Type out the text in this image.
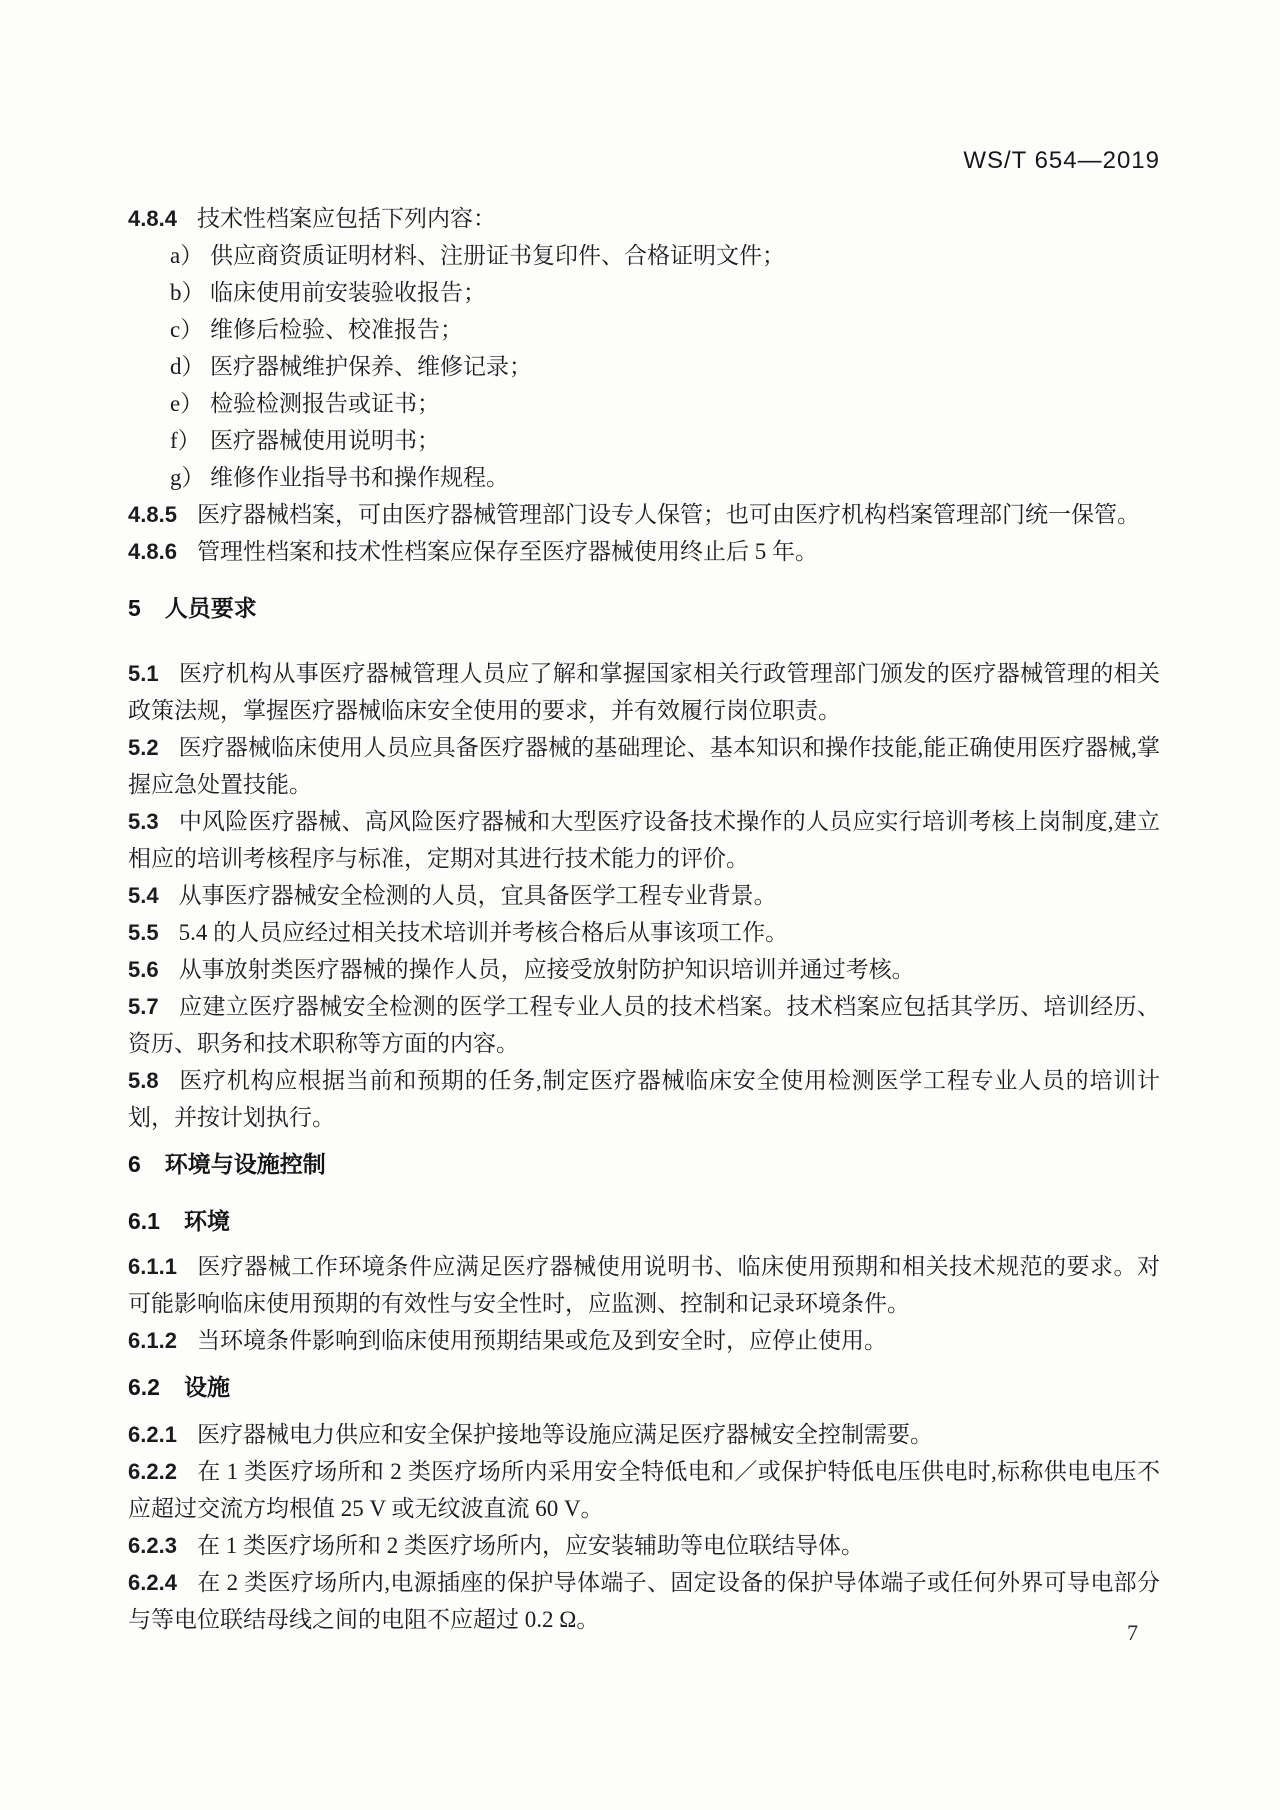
WS/T 654—2019

4.8.4 技术性档案应包括下列内容：

a） 供应商资质证明材料、注册证书复印件、合格证明文件；
b） 临床使用前安装验收报告；
c） 维修后检验、校准报告；
d） 医疗器械维护保养、维修记录；
e） 检验检测报告或证书；
f） 医疗器械使用说明书；
g） 维修作业指导书和操作规程。

4.8.5 医疗器械档案，可由医疗器械管理部门设专人保管；也可由医疗机构档案管理部门统一保管。

4.8.6 管理性档案和技术性档案应保存至医疗器械使用终止后 5 年。

5 人员要求

5.1 医疗机构从事医疗器械管理人员应了解和掌握国家相关行政管理部门颁发的医疗器械管理的相关政策法规，掌握医疗器械临床安全使用的要求，并有效履行岗位职责。

5.2 医疗器械临床使用人员应具备医疗器械的基础理论、基本知识和操作技能,能正确使用医疗器械,掌握应急处置技能。

5.3 中风险医疗器械、高风险医疗器械和大型医疗设备技术操作的人员应实行培训考核上岗制度,建立相应的培训考核程序与标准，定期对其进行技术能力的评价。

5.4 从事医疗器械安全检测的人员，宜具备医学工程专业背景。

5.5 5.4 的人员应经过相关技术培训并考核合格后从事该项工作。

5.6 从事放射类医疗器械的操作人员，应接受放射防护知识培训并通过考核。

5.7 应建立医疗器械安全检测的医学工程专业人员的技术档案。技术档案应包括其学历、培训经历、资历、职务和技术职称等方面的内容。

5.8 医疗机构应根据当前和预期的任务,制定医疗器械临床安全使用检测医学工程专业人员的培训计划，并按计划执行。

6 环境与设施控制
6.1 环境

6.1.1 医疗器械工作环境条件应满足医疗器械使用说明书、临床使用预期和相关技术规范的要求。对可能影响临床使用预期的有效性与安全性时，应监测、控制和记录环境条件。

6.1.2 当环境条件影响到临床使用预期结果或危及到安全时，应停止使用。

6.2 设施

6.2.1 医疗器械电力供应和安全保护接地等设施应满足医疗器械安全控制需要。

6.2.2 在 1 类医疗场所和 2 类医疗场所内采用安全特低电和／或保护特低电压供电时,标称供电电压不应超过交流方均根值 25 V 或无纹波直流 60 V。

6.2.3 在 1 类医疗场所和 2 类医疗场所内，应安装辅助等电位联结导体。

6.2.4 在 2 类医疗场所内,电源插座的保护导体端子、固定设备的保护导体端子或任何外界可导电部分与等电位联结母线之间的电阻不应超过 0.2 Ω。

7
